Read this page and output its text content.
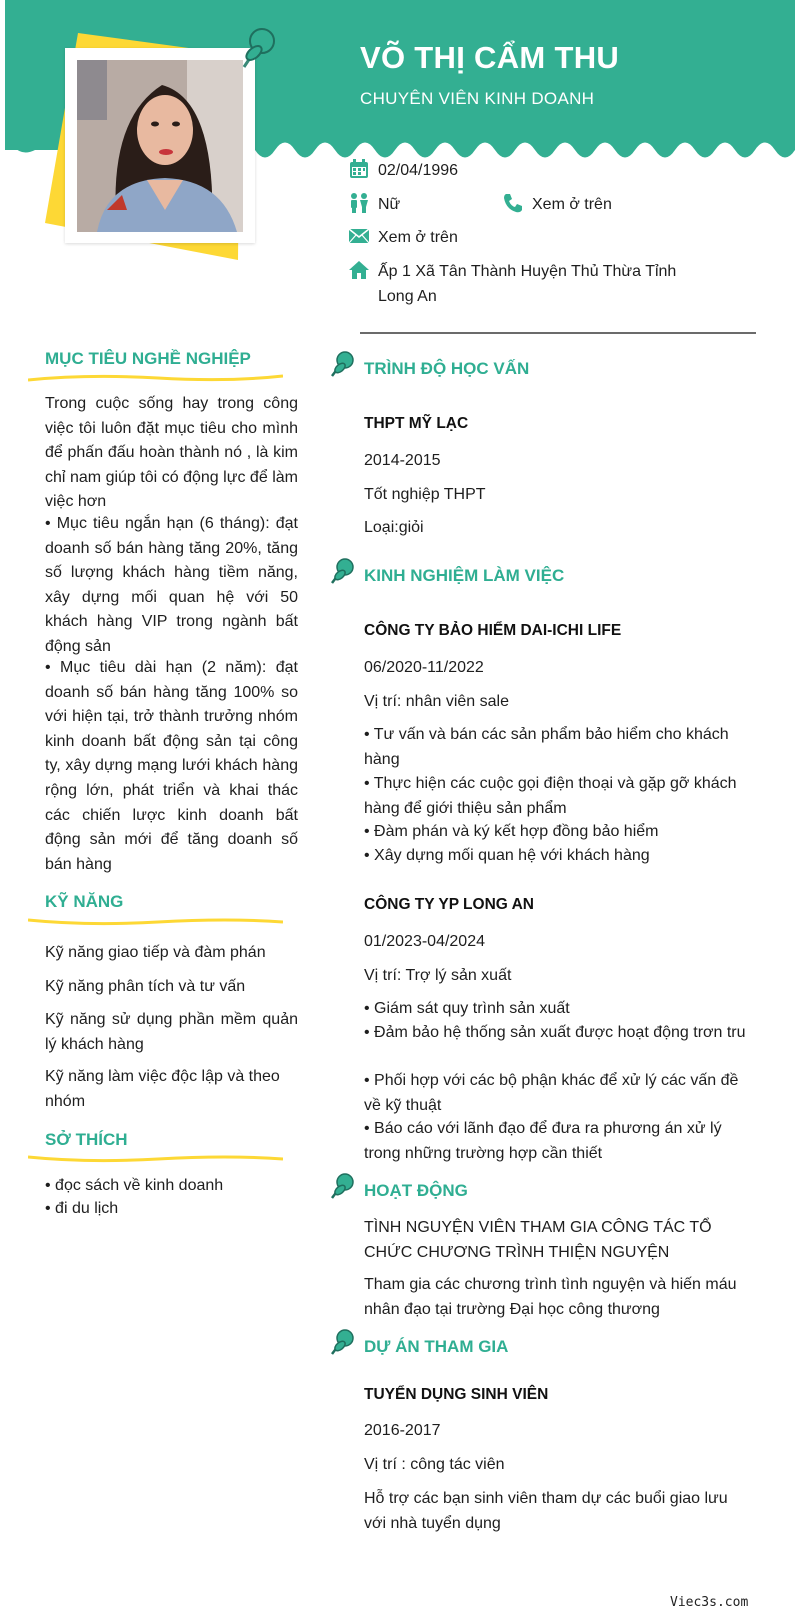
VÕ THỊ CẨM THU
CHUYÊN VIÊN KINH DOANH
02/04/1996
Nữ	Xem ở trên
Xem ở trên
Ấp 1 Xã Tân Thành Huyện Thủ Thừa Tỉnh
Long An
MỤC TIÊU NGHỀ NGHIỆP
Trong cuộc sống hay trong công việc tôi luôn đặt mục tiêu cho mình để phấn đấu hoàn thành nó , là kim chỉ nam giúp tôi có động lực để làm việc hơn
• Mục tiêu ngắn hạn (6 tháng): đạt doanh số bán hàng tăng 20%, tăng số lượng khách hàng tiềm năng, xây dựng mối quan hệ với 50 khách hàng VIP trong ngành bất động sản
• Mục tiêu dài hạn (2 năm): đạt doanh số bán hàng tăng 100% so với hiện tại, trở thành trưởng nhóm kinh doanh bất động sản tại công ty, xây dựng mạng lưới khách hàng rộng lớn, phát triển và khai thác các chiến lược kinh doanh bất động sản mới để tăng doanh số bán hàng
KỸ NĂNG
Kỹ năng giao tiếp và đàm phán
Kỹ năng phân tích và tư vấn
Kỹ năng sử dụng phần mềm quản lý khách hàng
Kỹ năng làm việc độc lập và theo nhóm
SỞ THÍCH
• đọc sách về kinh doanh
• đi du lịch
TRÌNH ĐỘ HỌC VẤN
THPT MỸ LẠC
2014-2015
Tốt nghiệp THPT
Loại:giỏi
KINH NGHIỆM LÀM VIỆC
CÔNG TY BẢO HIỂM DAI-ICHI LIFE
06/2020-11/2022
Vị trí: nhân viên sale
• Tư vấn và bán các sản phẩm bảo hiểm cho khách hàng
• Thực hiện các cuộc gọi điện thoại và gặp gỡ khách hàng để giới thiệu sản phẩm
• Đàm phán và ký kết hợp đồng bảo hiểm
• Xây dựng mối quan hệ với khách hàng
CÔNG TY YP LONG AN
01/2023-04/2024
Vị trí: Trợ lý sản xuất
• Giám sát quy trình sản xuất
• Đảm bảo hệ thống sản xuất được hoạt động trơn tru
• Phối hợp với các bộ phận khác để xử lý các vấn đề về kỹ thuật
• Báo cáo với lãnh đạo để đưa ra phương án xử lý trong những trường hợp cần thiết
HOẠT ĐỘNG
TÌNH NGUYỆN VIÊN THAM GIA CÔNG TÁC TỔ CHỨC CHƯƠNG TRÌNH THIỆN NGUYỆN
Tham gia các chương trình tình nguyện và hiến máu nhân đạo tại trường Đại học công thương
DỰ ÁN THAM GIA
TUYỂN DỤNG SINH VIÊN
2016-2017
Vị trí : công tác viên
Hỗ trợ các bạn sinh viên tham dự các buổi giao lưu với nhà tuyển dụng
Viec3s.com
